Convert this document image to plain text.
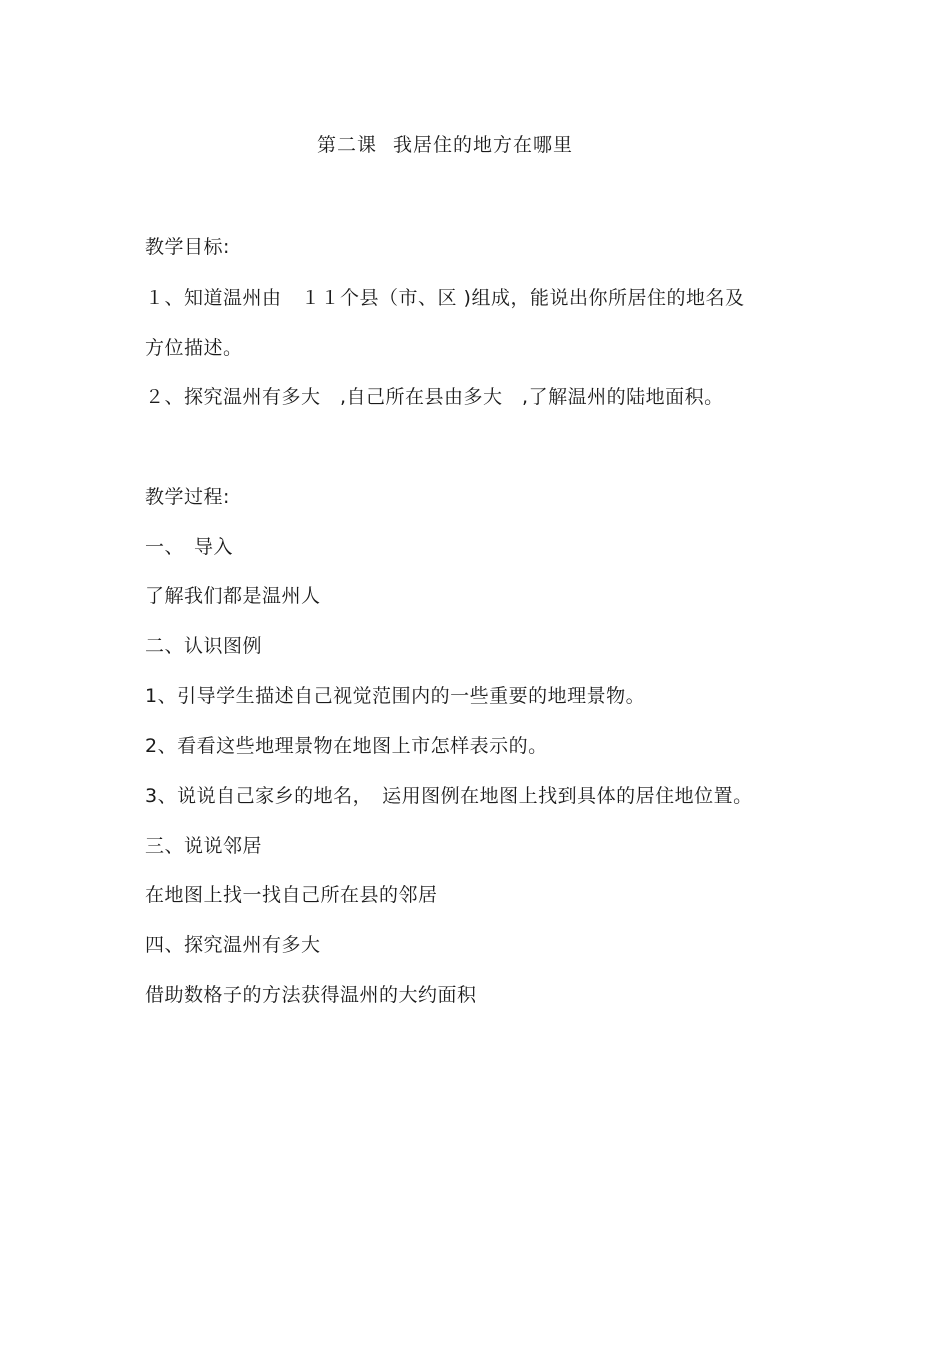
第二课 我居住的地方在哪里
教学目标:
１、知道温州由　１１个县（市、区 )组成，能说出你所居住的地名及
方位描述。
２、探究温州有多大　,自己所在县由多大　,了解温州的陆地面积。
教学过程:
一、　导入
了解我们都是温州人
二、认识图例
1、引导学生描述自己视觉范围内的一些重要的地理景物。
2、看看这些地理景物在地图上市怎样表示的。
3、说说自己家乡的地名，　运用图例在地图上找到具体的居住地位置。
三、说说邻居
在地图上找一找自己所在县的邻居
四、探究温州有多大
借助数格子的方法获得温州的大约面积
